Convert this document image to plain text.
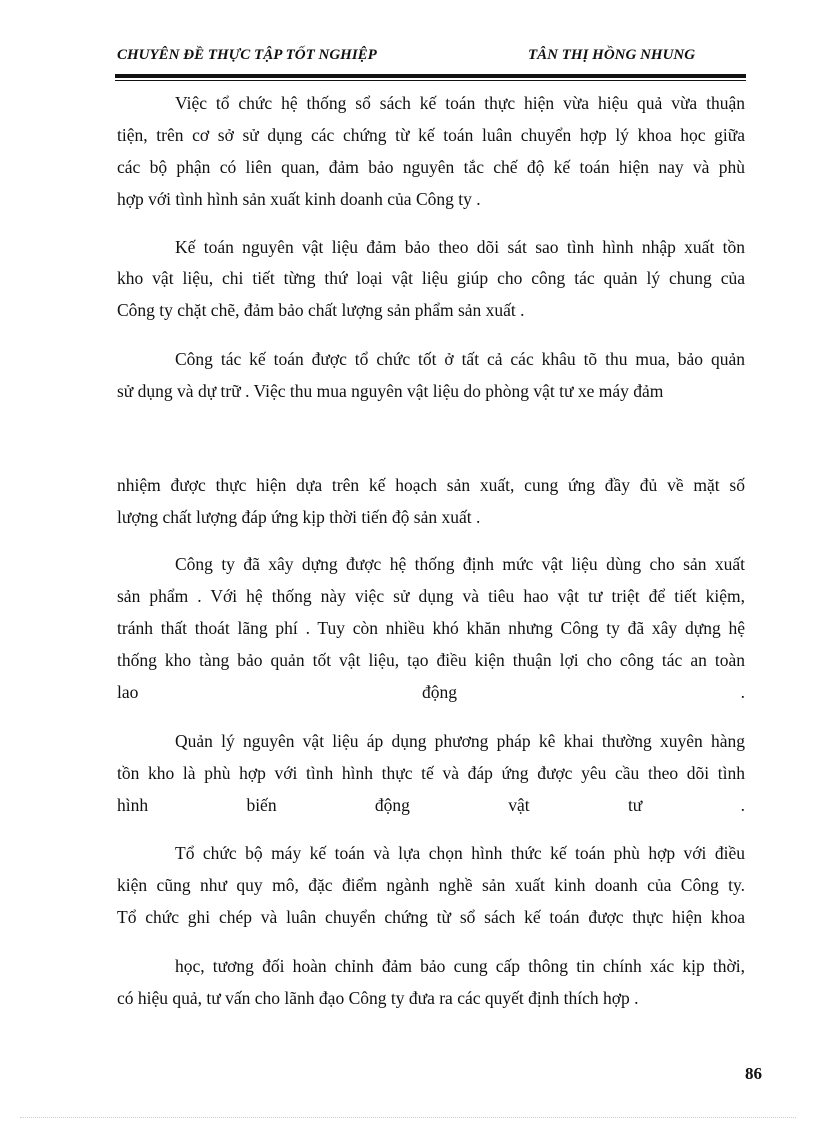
CHUYÊN ĐỀ THỰC TẬP TỐT NGHIỆP	TÂN THỊ HỒNG NHUNG
Việc tổ chức hệ thống sổ sách kế toán thực hiện vừa hiệu quả vừa thuận
tiện, trên cơ sở sử dụng các chứng từ kế toán luân chuyển hợp lý khoa học giữa
các bộ phận có liên quan, đảm bảo nguyên tắc chế độ kế toán hiện nay và phù
hợp với tình hình sản xuất kinh doanh của Công ty .
Kế toán nguyên vật liệu đảm bảo theo dõi sát sao tình hình nhập xuất tồn
kho vật liệu, chi tiết từng thứ loại vật liệu giúp cho công tác quản lý chung của
Công ty chặt chẽ, đảm bảo chất lượng sản phẩm sản xuất .
Công tác kế toán được tổ chức tốt ở tất cả các khâu tõ thu mua, bảo quản
sử dụng và dự trữ . Việc thu mua nguyên vật liệu do phòng vật tư xe máy đảm
nhiệm được thực hiện dựa trên kế hoạch sản xuất, cung ứng đầy đủ về mặt số
lượng chất lượng đáp ứng kịp thời tiến độ sản xuất .
Công ty đã xây dựng được hệ thống định mức vật liệu dùng cho sản xuất
sản phẩm . Với hệ thống này việc sử dụng và tiêu hao vật tư triệt để tiết kiệm,
tránh thất thoát lãng phí . Tuy còn nhiều khó khăn nhưng Công ty đã xây dựng hệ
thống kho tàng bảo quản tốt vật liệu, tạo điều kiện thuận lợi cho công tác an toàn
lao động .
Quản lý nguyên vật liệu áp dụng phương pháp kê khai thường xuyên hàng
tồn kho là phù hợp với tình hình thực tế và đáp ứng được yêu cầu theo dõi tình
hình biến động vật tư .
Tổ chức bộ máy kế toán và lựa chọn hình thức kế toán phù hợp với điều
kiện cũng như quy mô, đặc điểm ngành nghề sản xuất kinh doanh của Công ty.
Tổ chức ghi chép và luân chuyển chứng từ sổ sách kế toán được thực hiện khoa
học, tương đối hoàn chỉnh đảm bảo cung cấp thông tin chính xác kịp thời,
có hiệu quả, tư vấn cho lãnh đạo Công ty đưa ra các quyết định thích hợp .
86
